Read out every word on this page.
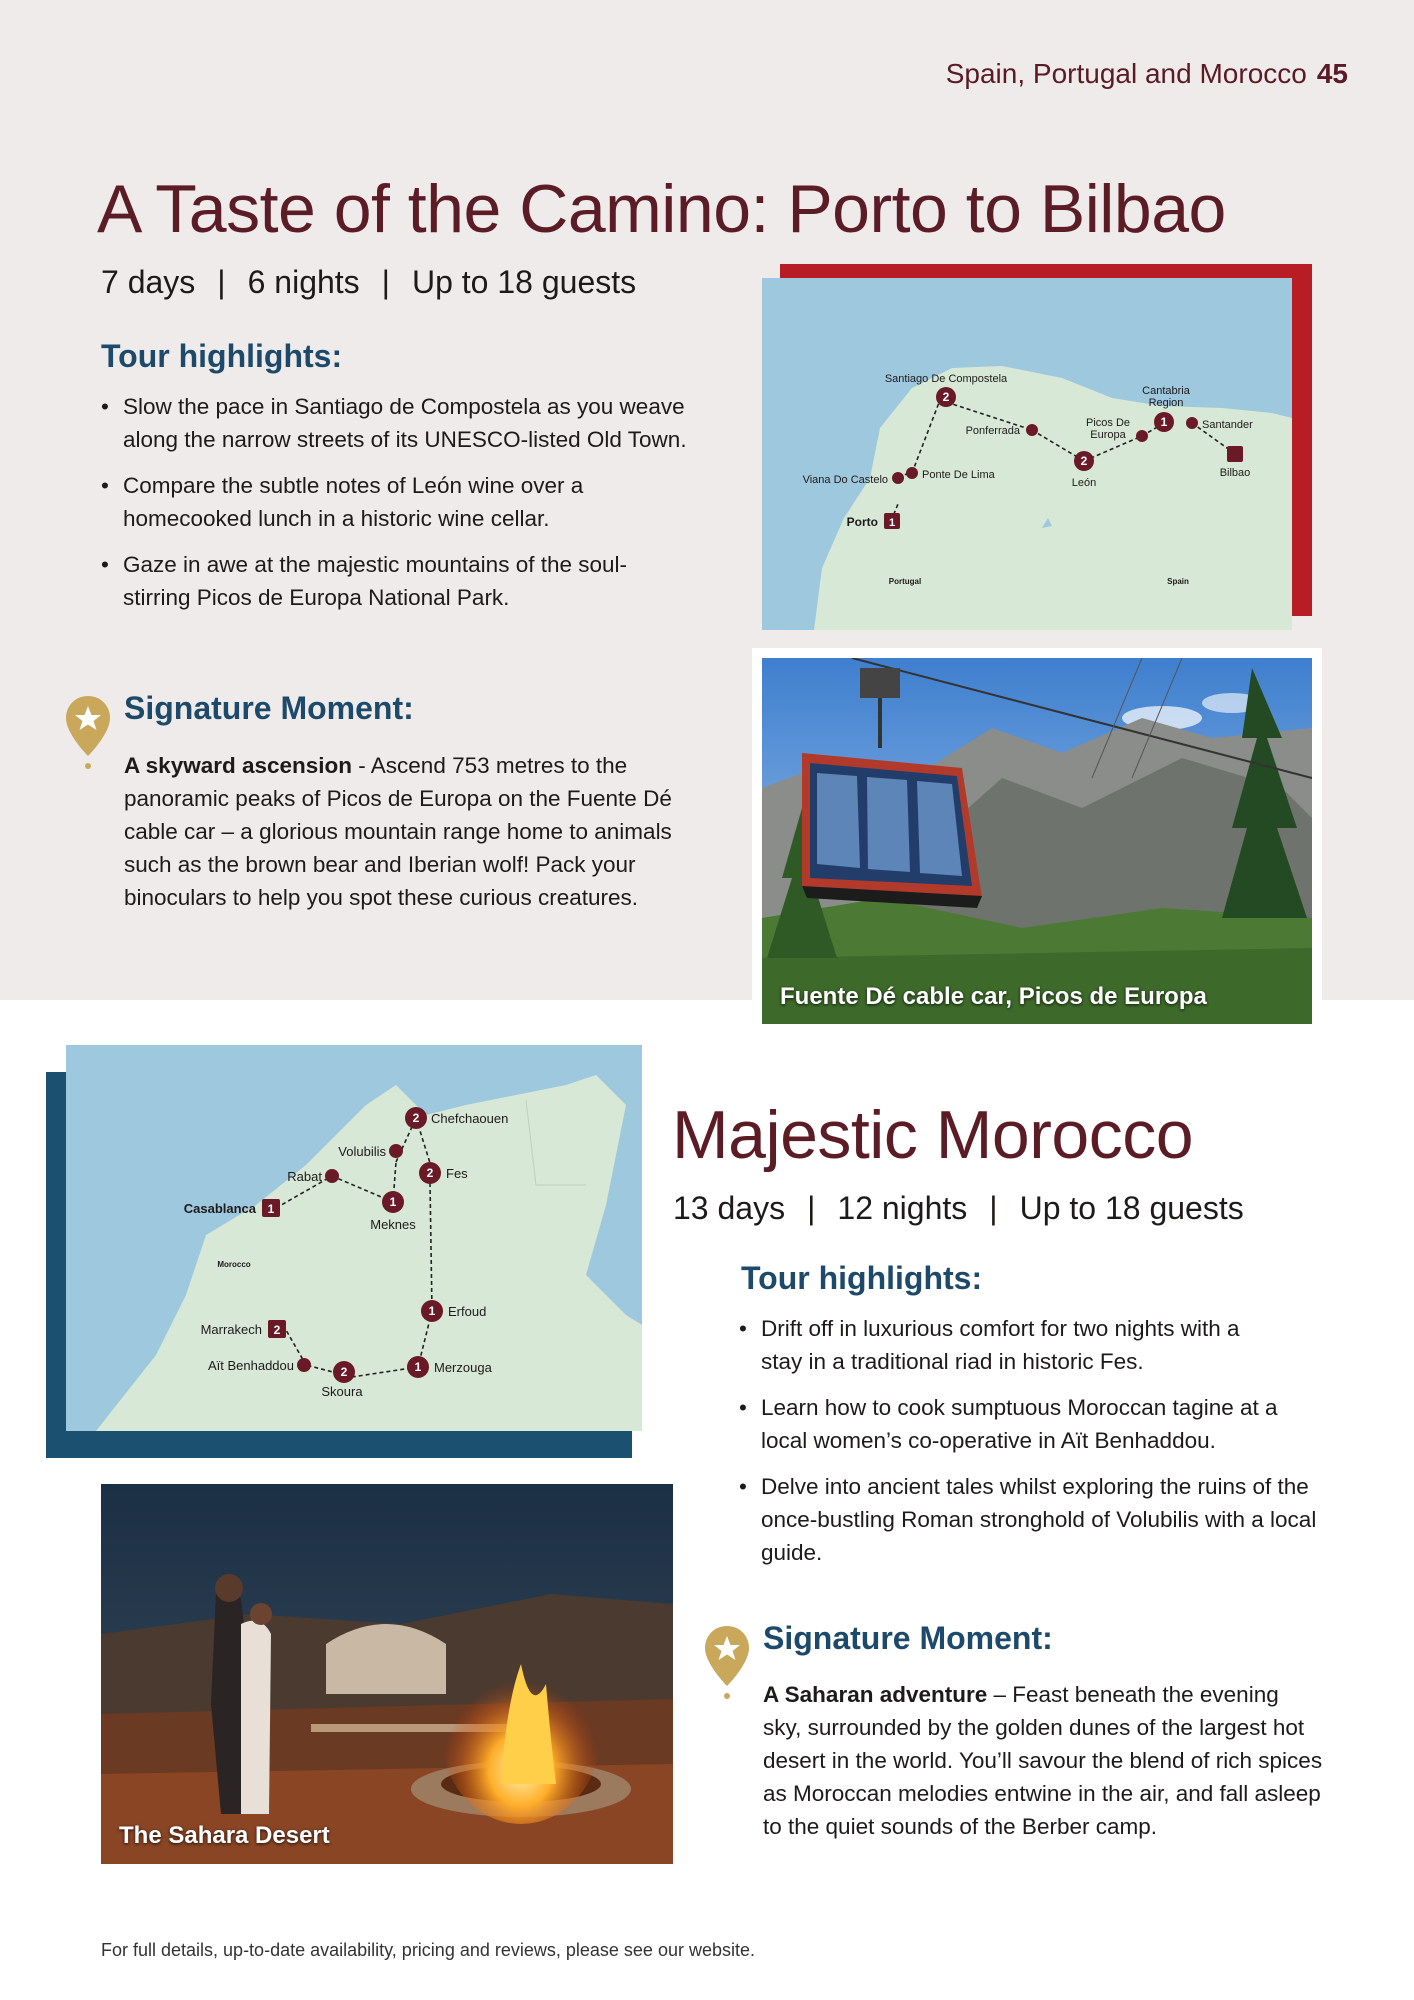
Spain, Portugal and Morocco 45
A Taste of the Camino: Porto to Bilbao
7 days | 6 nights | Up to 18 guests
Tour highlights:
• Slow the pace in Santiago de Compostela as you weave along the narrow streets of its UNESCO-listed Old Town.
• Compare the subtle notes of León wine over a homecooked lunch in a historic wine cellar.
• Gaze in awe at the majestic mountains of the soul-stirring Picos de Europa National Park.
Signature Moment:
A skyward ascension - Ascend 753 metres to the panoramic peaks of Picos de Europa on the Fuente Dé cable car – a glorious mountain range home to animals such as the brown bear and Iberian wolf! Pack your binoculars to help you spot these curious creatures.
1
Porto
Viana Do Castelo	Ponte De Lima
2
Santiago De Compostela
Ponferrada
2
León
Picos De
Europa
1
Cantabria
Region
Santander
Bilbao
Portugal	Spain
Fuente Dé cable car, Picos de Europa
2 Chefchaouen
Volubilis
Rabat	2 Fes
1
Casablanca	1
Meknes
Morocco
1 Erfoud
2
Marrakech
1 Merzouga
Aït Benhaddou	2
Skoura
Majestic Morocco
13 days | 12 nights | Up to 18 guests
Tour highlights:
• Drift off in luxurious comfort for two nights with a stay in a traditional riad in historic Fes.
• Learn how to cook sumptuous Moroccan tagine at a local women’s co-operative in Aït Benhaddou.
• Delve into ancient tales whilst exploring the ruins of the once-bustling Roman stronghold of Volubilis with a local guide.
Signature Moment:
A Saharan adventure – Feast beneath the evening sky, surrounded by the golden dunes of the largest hot desert in the world. You’ll savour the blend of rich spices as Moroccan melodies entwine in the air, and fall asleep to the quiet sounds of the Berber camp.
The Sahara Desert
For full details, up-to-date availability, pricing and reviews, please see our website.
